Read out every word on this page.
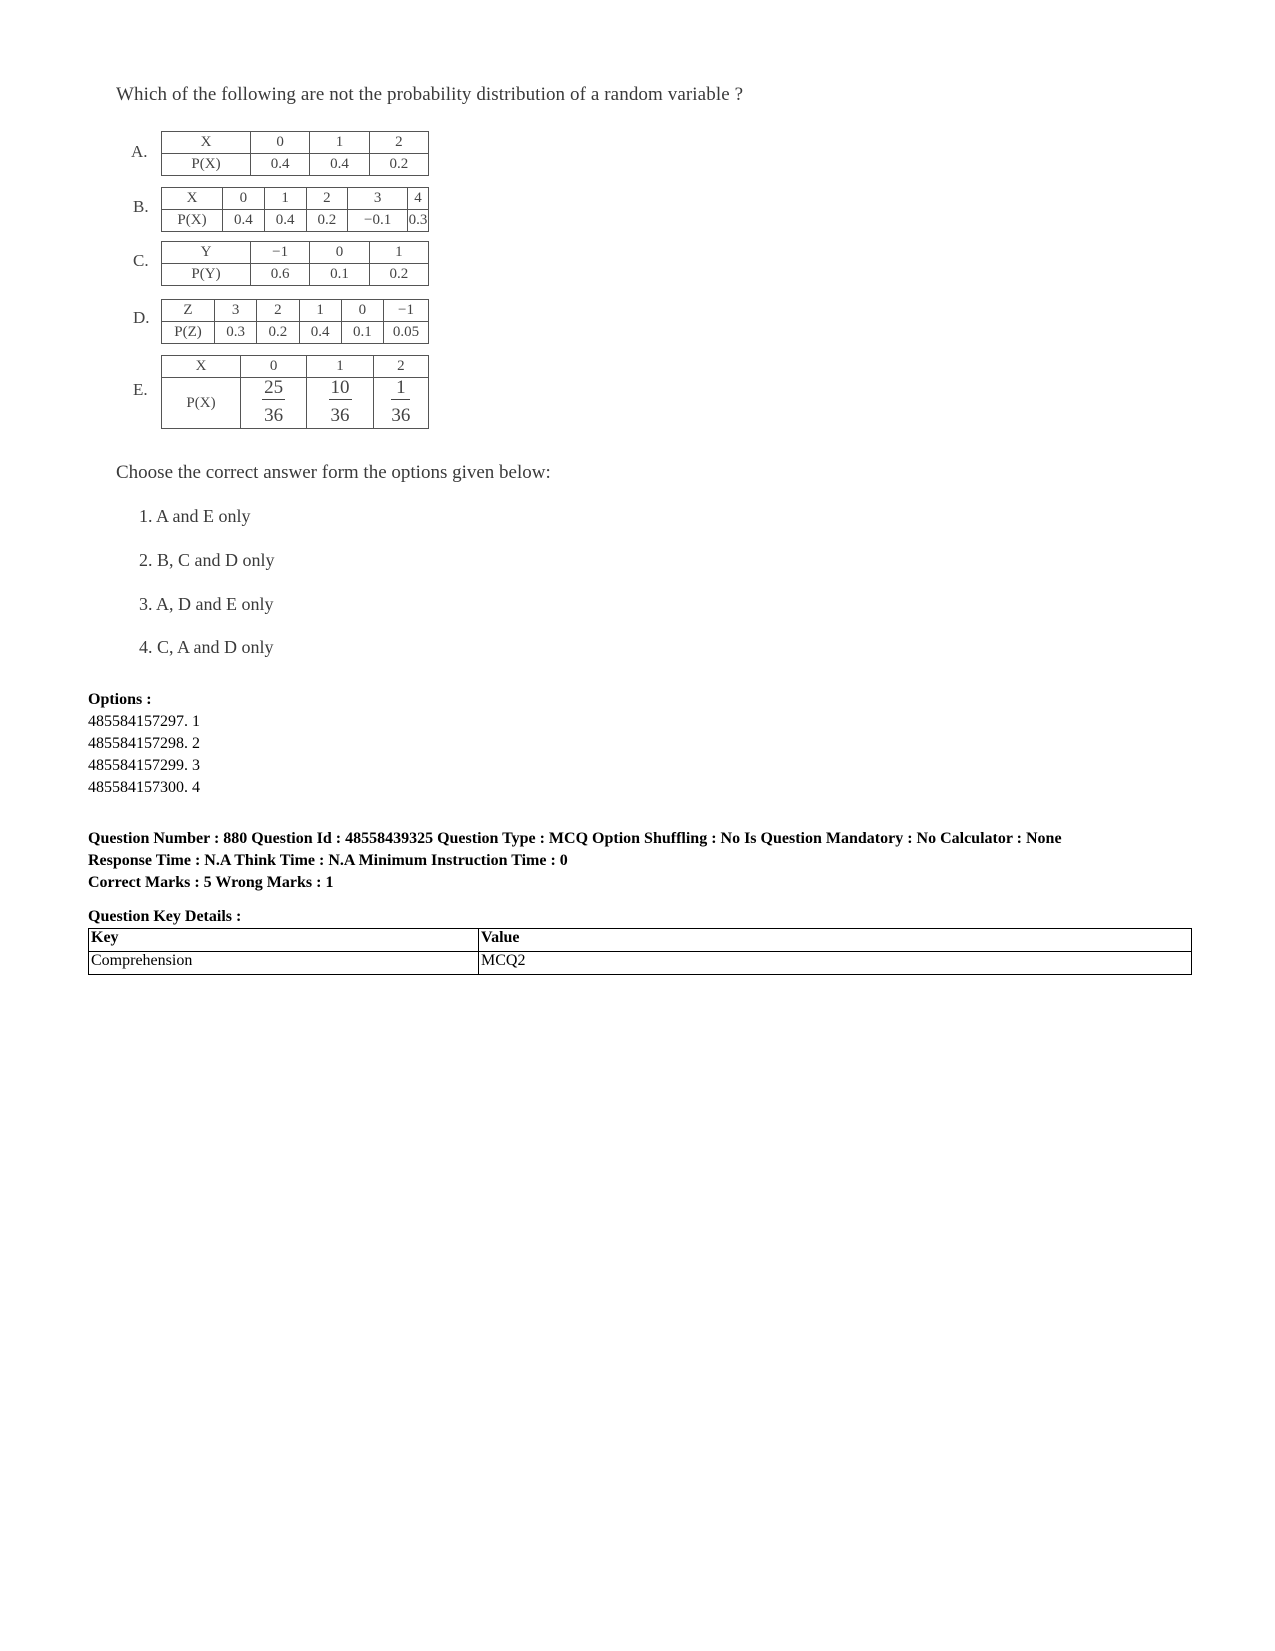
Which of the following are not the probability distribution of a random variable ?
A.	X	0	1	2
P(X)	0.4	0.4	0.2
B.	X	0	1	2	3	4
P(X)	0.4	0.4	0.2	−0.1	0.3
C.	Y	−1	0	1
P(Y)	0.6	0.1	0.2
D. Z	3	2	1	0	−1
P(Z)	0.3	0.2	0.4	0.1	0.05
E.
X	0	1	2
P(X)	$\frac{25}{36}$	$\frac{10}{36}$	$\frac{1}{36}$
Choose the correct answer form the options given below:
1. A and E only
2. B, C and D only
3. A, D and E only
4. C, A and D only
Options :
485584157297. 1
485584157298. 2
485584157299. 3
485584157300. 4
Question Number : 880 Question Id : 48558439325 Question Type : MCQ Option Shuffling : No Is Question Mandatory : No Calculator : None
Response Time : N.A Think Time : N.A Minimum Instruction Time : 0
Correct Marks : 5 Wrong Marks : 1
Question Key Details :
Key	Value
Comprehension	MCQ2
